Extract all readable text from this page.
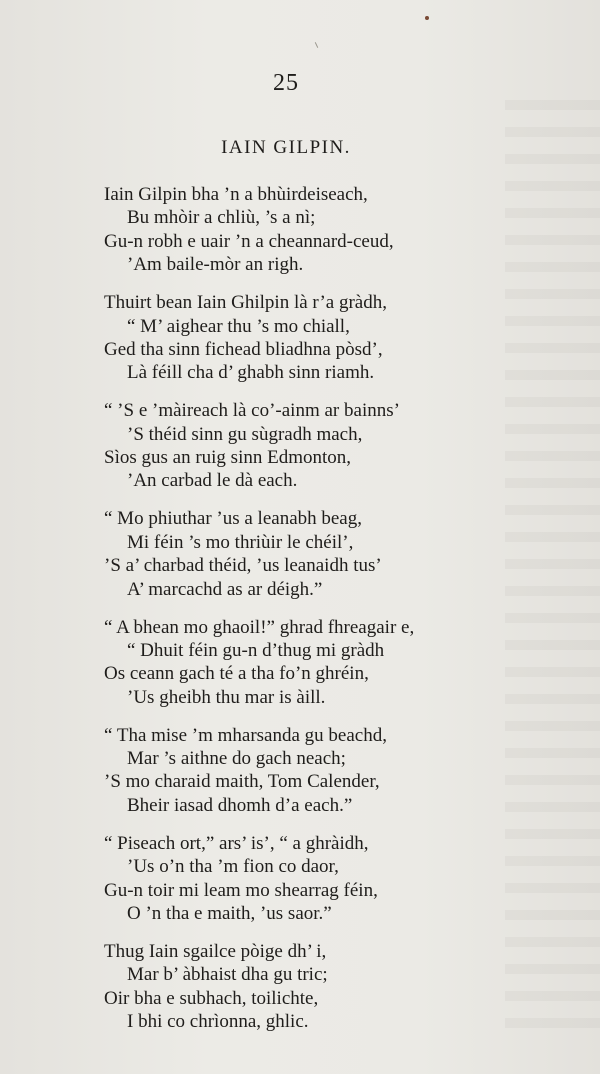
25
IAIN GILPIN.
Iain Gilpin bha ’n a bhùirdeiseach,
Bu mhòir a chliù, ’s a nì;
Gu-n robh e uair ’n a cheannard-ceud,
’Am baile-mòr an righ.
Thuirt bean Iain Ghilpin là r’a gràdh,
“ M’ aighear thu ’s mo chiall,
Ged tha sinn fichead bliadhna pòsd’,
Là féill cha d’ ghabh sinn riamh.
“ ’S e ’màireach là co’-ainm ar bainns’
’S théid sinn gu sùgradh mach,
Sìos gus an ruig sinn Edmonton,
’An carbad le dà each.
“ Mo phiuthar ’us a leanabh beag,
Mi féin ’s mo thriùir le chéil’,
’S a’ charbad théid, ’us leanaidh tus’
A’ marcachd as ar déigh.”
“ A bhean mo ghaoil!” ghrad fhreagair e,
“ Dhuit féin gu-n d’thug mi gràdh
Os ceann gach té a tha fo’n ghréin,
’Us gheibh thu mar is àill.
“ Tha mise ’m mharsanda gu beachd,
Mar ’s aithne do gach neach;
’S mo charaid maith, Tom Calender,
Bheir iasad dhomh d’a each.”
“ Piseach ort,” ars’ is’, “ a ghràidh,
’Us o’n tha ’m fion co daor,
Gu-n toir mi leam mo shearrag féin,
O ’n tha e maith, ’us saor.”
Thug Iain sgailce pòige dh’ i,
Mar b’ àbhaist dha gu tric;
Oir bha e subhach, toilichte,
I bhi co chrìonna, ghlic.
